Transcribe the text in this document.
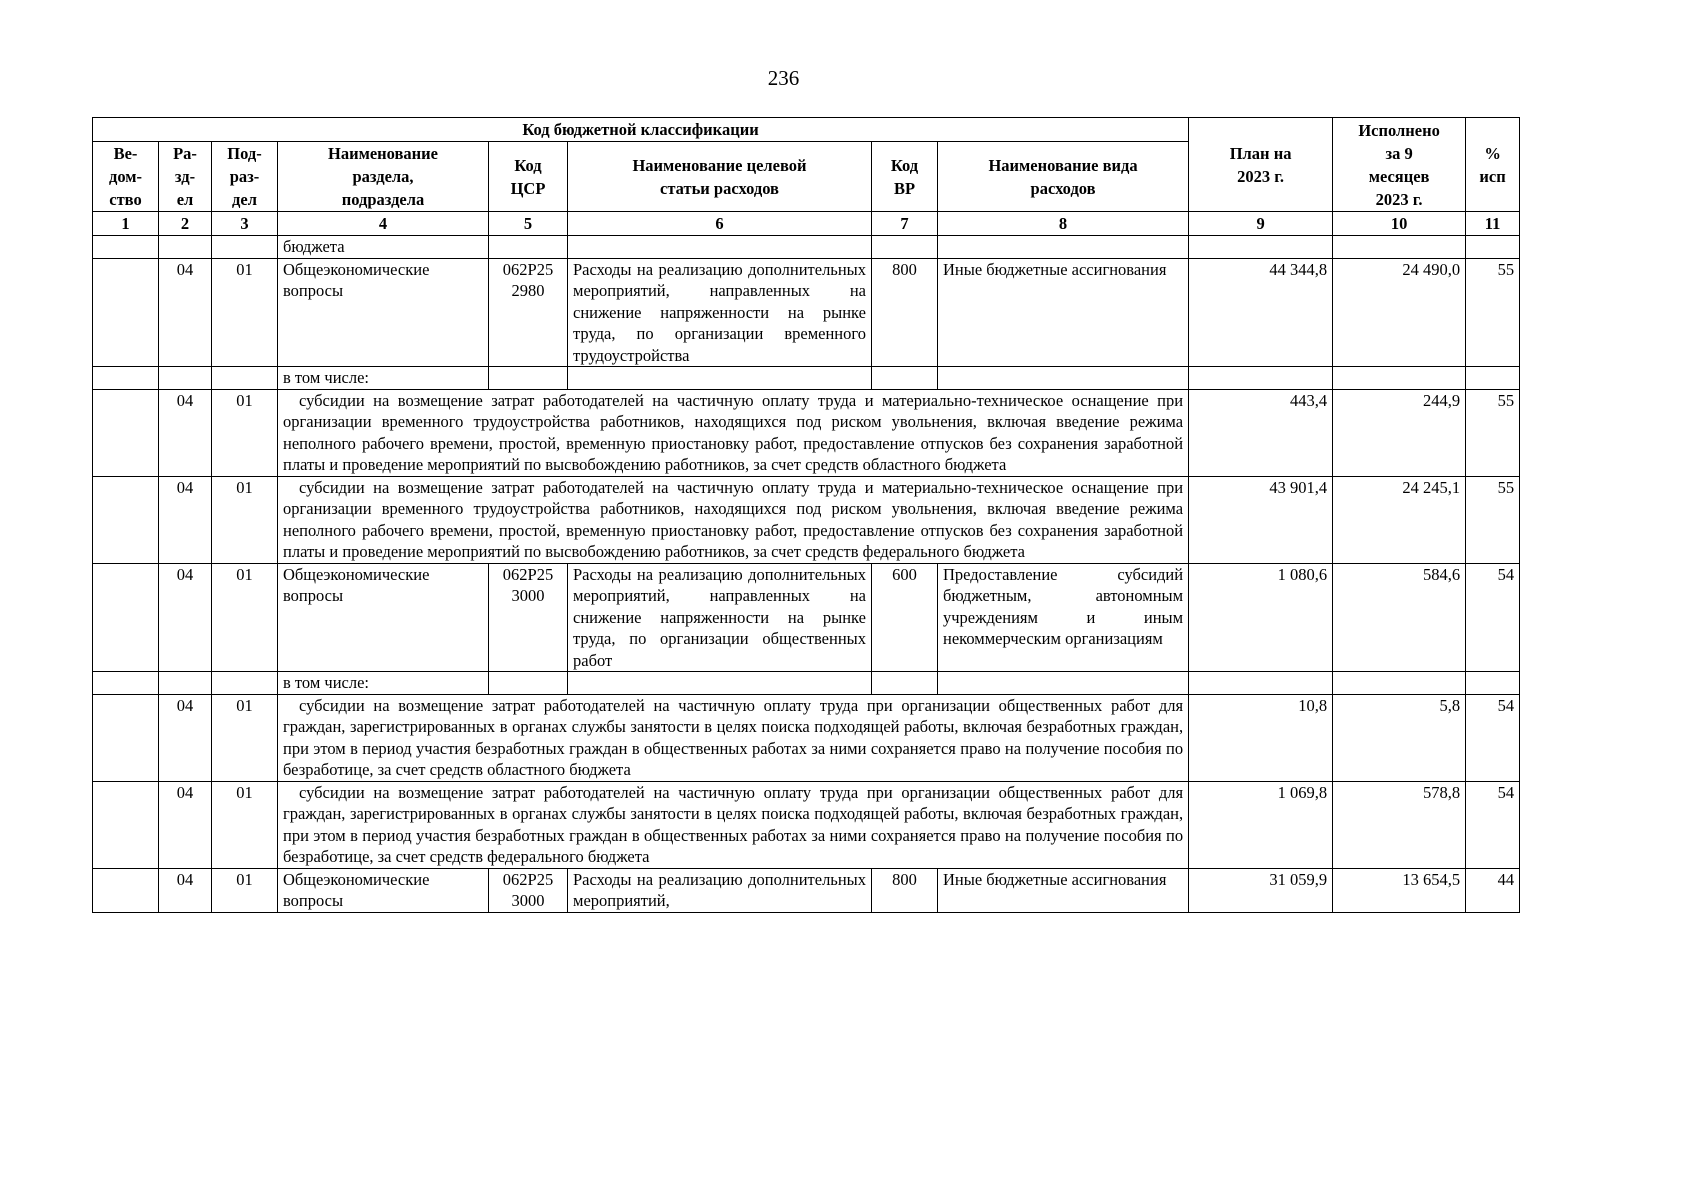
236
Код бюджетной классификации								План на
2023 г.	Исполнено
за 9
месяцев
2023 г.	%
исп

Ве-
дом-
ство	Ра-
зд-
ел	Под-
раз-
дел	Наименование
раздела,
подраздела	Код
ЦСР	Наименование целевой
статьи расходов	Код
ВР	Наименование вида
расходов			

1	2	3	4	5	6	7	8	9	10	11
			бюджета							
	04	01	Общеэкономические вопросы	062Р25
2980	Расходы на реализацию дополнительных мероприятий, направленных на снижение напряженности на рынке труда, по организации временного трудоустройства	800	Иные бюджетные ассигнования	44 344,8	24 490,0	55
			в том числе:							
	04	01	субсидии на возмещение затрат работодателей на частичную оплату труда и материально-техническое оснащение при организации временного трудоустройства работников, находящихся под риском увольнения, включая введение режима неполного рабочего времени, простой, временную приостановку работ, предоставление отпусков без сохранения заработной платы и проведение мероприятий по высвобождению работников, за счет средств областного бюджета					443,4	244,9	55
	04	01	субсидии на возмещение затрат работодателей на частичную оплату труда и материально-техническое оснащение при организации временного трудоустройства работников, находящихся под риском увольнения, включая введение режима неполного рабочего времени, простой, временную приостановку работ, предоставление отпусков без сохранения заработной платы и проведение мероприятий по высвобождению работников, за счет средств федерального бюджета					43 901,4	24 245,1	55
	04	01	Общеэкономические вопросы	062Р25
3000	Расходы на реализацию дополнительных мероприятий, направленных на снижение напряженности на рынке труда, по организации общественных работ	600	Предоставление субсидий бюджетным, автономным учреждениям и иным некоммерческим организациям	1 080,6	584,6	54
			в том числе:							
	04	01	субсидии на возмещение затрат работодателей на частичную оплату труда при организации общественных работ для граждан, зарегистрированных в органах службы занятости в целях поиска подходящей работы, включая безработных граждан, при этом в период участия безработных граждан в общественных работах за ними сохраняется право на получение пособия по безработице, за счет средств областного бюджета					10,8	5,8	54
	04	01	субсидии на возмещение затрат работодателей на частичную оплату труда при организации общественных работ для граждан, зарегистрированных в органах службы занятости в целях поиска подходящей работы, включая безработных граждан, при этом в период участия безработных граждан в общественных работах за ними сохраняется право на получение пособия по безработице, за счет средств федерального бюджета					1 069,8	578,8	54
	04	01	Общеэкономические вопросы	062Р25
3000	Расходы на реализацию дополнительных мероприятий,	800	Иные бюджетные ассигнования	31 059,9	13 654,5	44
